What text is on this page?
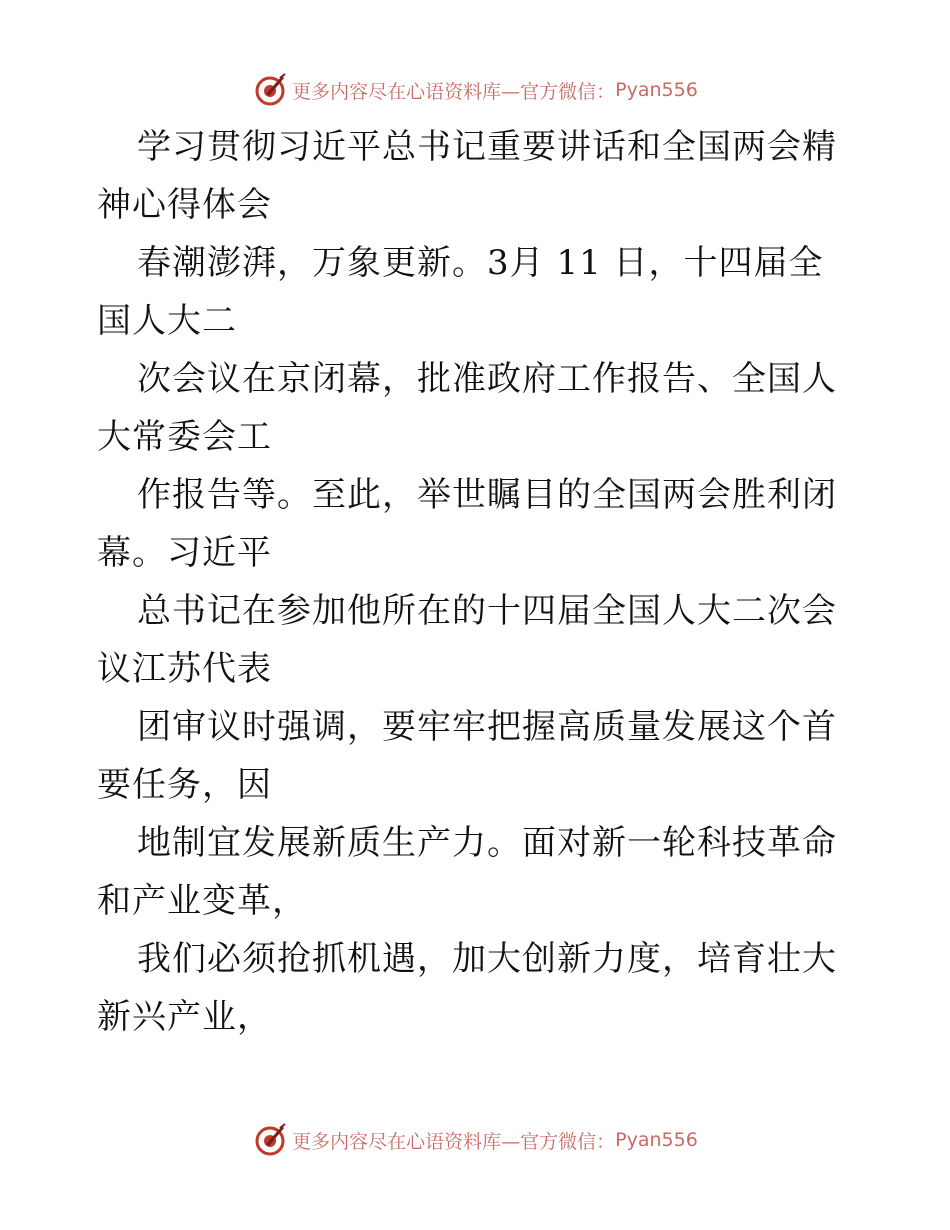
更多内容尽在心语资料库—官方微信： Pyan556

学习贯彻习近平总书记重要讲话和全国两会精神心得体会

春潮澎湃，万象更新。3月 11 日，十四届全国人大二

次会议在京闭幕，批准政府工作报告、全国人大常委会工

作报告等。至此，举世瞩目的全国两会胜利闭幕。习近平

总书记在参加他所在的十四届全国人大二次会议江苏代表

团审议时强调，要牢牢把握高质量发展这个首要任务，因

地制宜发展新质生产力。面对新一轮科技革命和产业变革，

我们必须抢抓机遇，加大创新力度，培育壮大新兴产业，

更多内容尽在心语资料库—官方微信： Pyan556
